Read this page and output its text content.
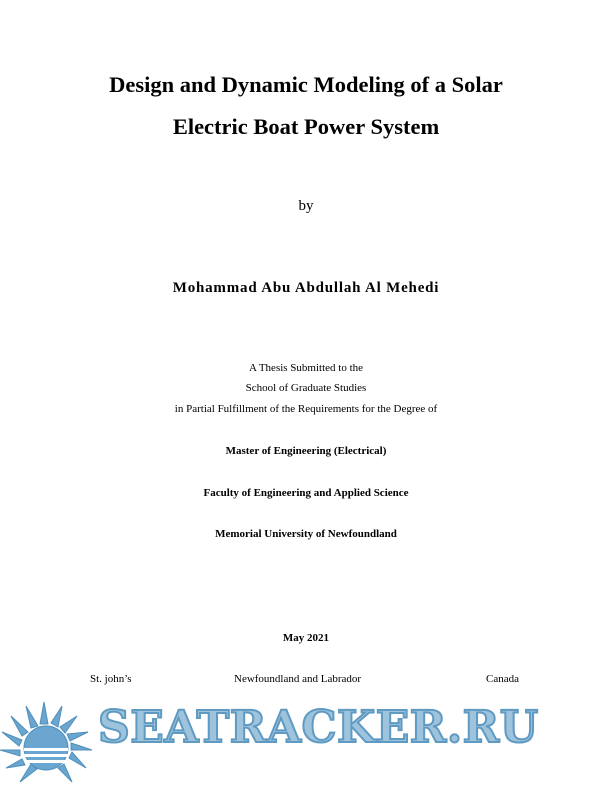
Design and Dynamic Modeling of a Solar
Electric Boat Power System
by
Mohammad Abu Abdullah Al Mehedi
A Thesis Submitted to the
School of Graduate Studies
in Partial Fulfillment of the Requirements for the Degree of
Master of Engineering (Electrical)
Faculty of Engineering and Applied Science
Memorial University of Newfoundland
May 2021
St. john’s	Newfoundland and Labrador	Canada
SEATRACKER.RU
